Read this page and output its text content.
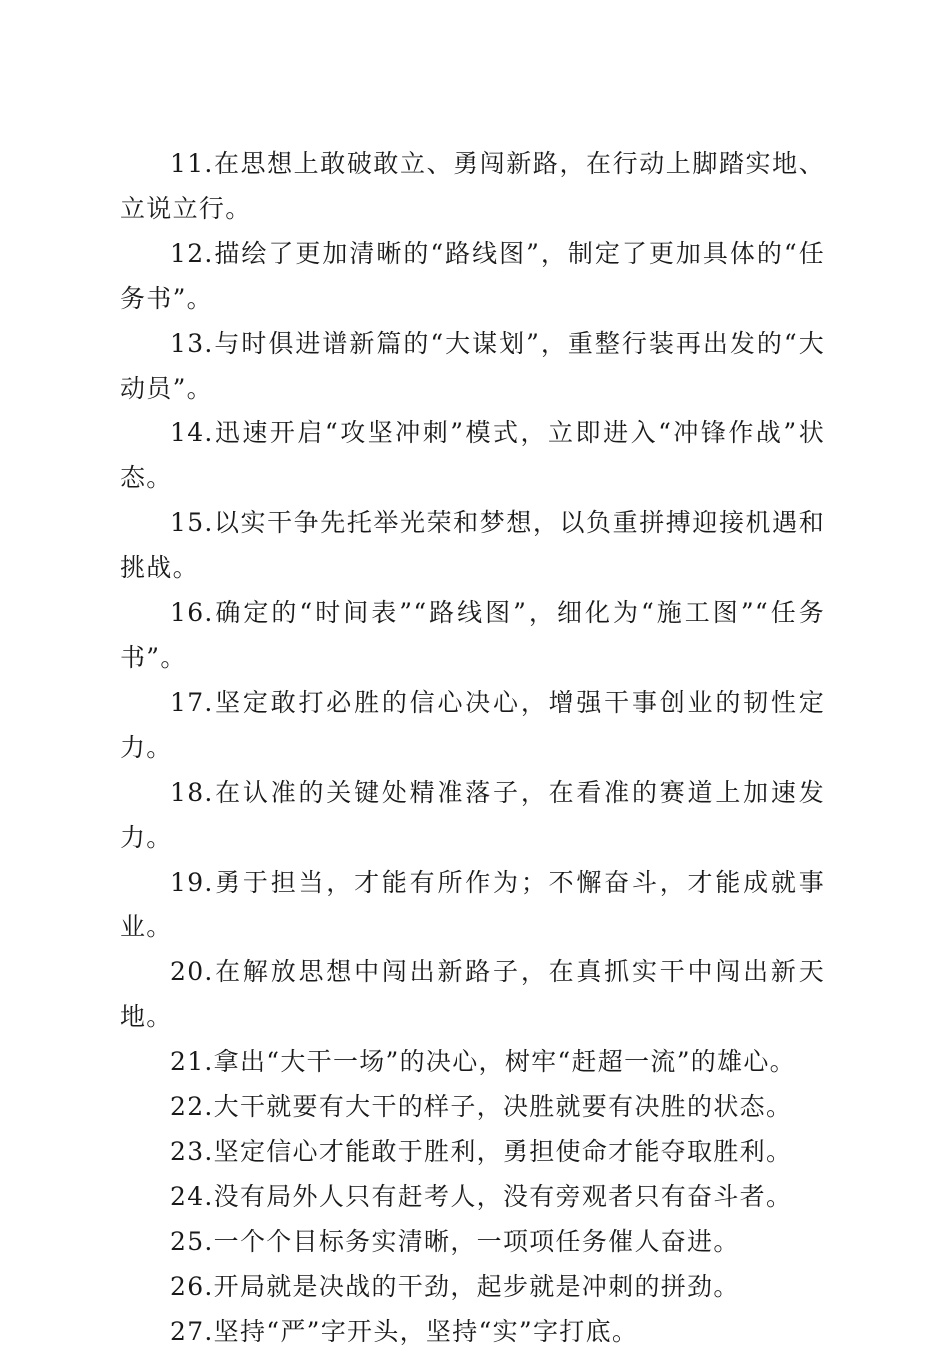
11.在思想上敢破敢立、勇闯新路，在行动上脚踏实地、立说立行。

12.描绘了更加清晰的“路线图”，制定了更加具体的“任务书”。

13.与时俱进谱新篇的“大谋划”，重整行装再出发的“大动员”。

14.迅速开启“攻坚冲刺”模式，立即进入“冲锋作战”状态。

15.以实干争先托举光荣和梦想，以负重拼搏迎接机遇和挑战。

16.确定的“时间表”“路线图”，细化为“施工图”“任务书”。

17.坚定敢打必胜的信心决心，增强干事创业的韧性定力。

18.在认准的关键处精准落子，在看准的赛道上加速发力。

19.勇于担当，才能有所作为；不懈奋斗，才能成就事业。

20.在解放思想中闯出新路子，在真抓实干中闯出新天地。

21.拿出“大干一场”的决心，树牢“赶超一流”的雄心。

22.大干就要有大干的样子，决胜就要有决胜的状态。

23.坚定信心才能敢于胜利，勇担使命才能夺取胜利。

24.没有局外人只有赶考人，没有旁观者只有奋斗者。

25.一个个目标务实清晰，一项项任务催人奋进。

26.开局就是决战的干劲，起步就是冲刺的拼劲。

27.坚持“严”字开头，坚持“实”字打底。
